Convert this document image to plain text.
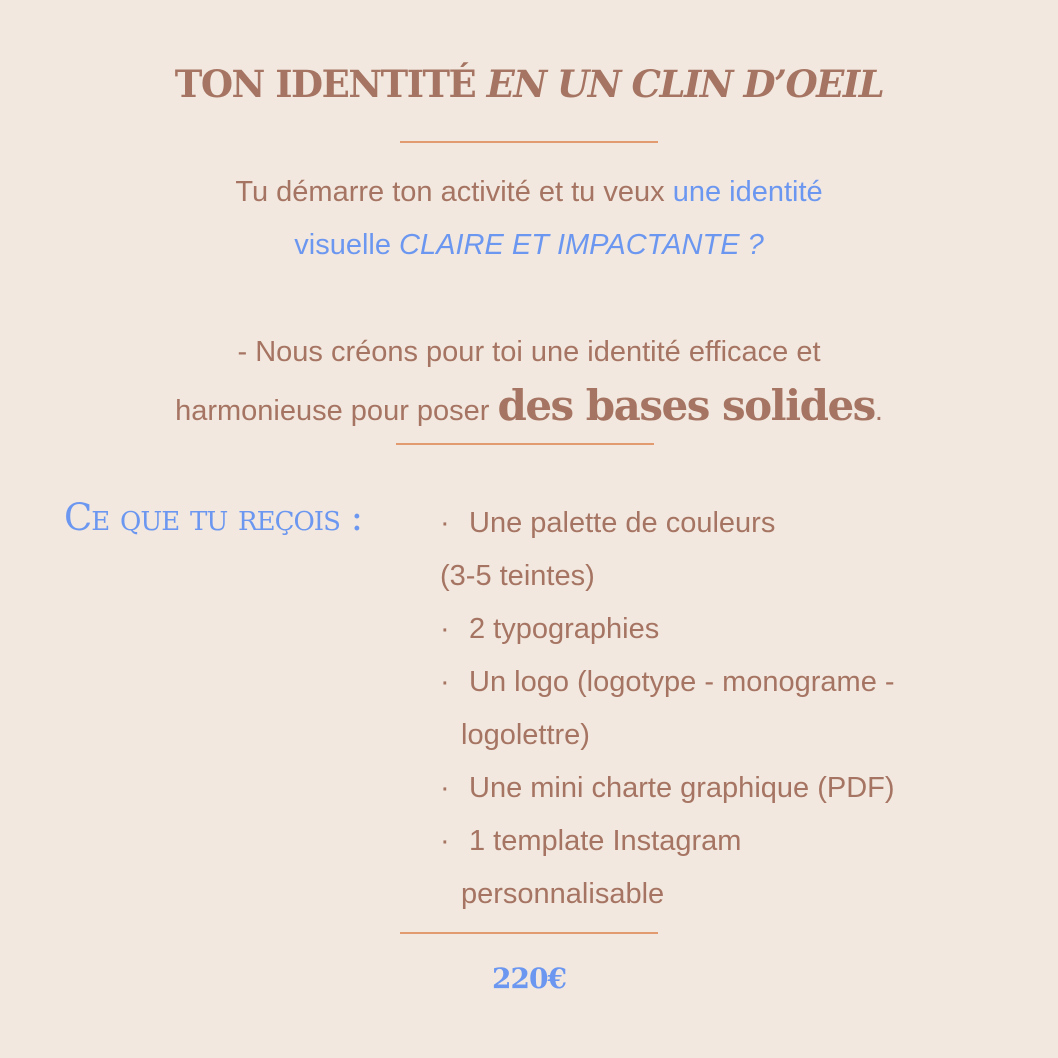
TON IDENTITÉ EN UN CLIN D’OEIL
Tu démarre ton activité et tu veux une identité
visuelle CLAIRE ET IMPACTANTE ?
- Nous créons pour toi une identité efficace et
harmonieuse pour poser des bases solides.
Ce que tu reçois :	· Une palette de couleurs
(3-5 teintes)
· 2 typographies
· Un logo (logotype - monograme -
logolettre)
· Une mini charte graphique (PDF)
· 1 template Instagram
personnalisable
220€
